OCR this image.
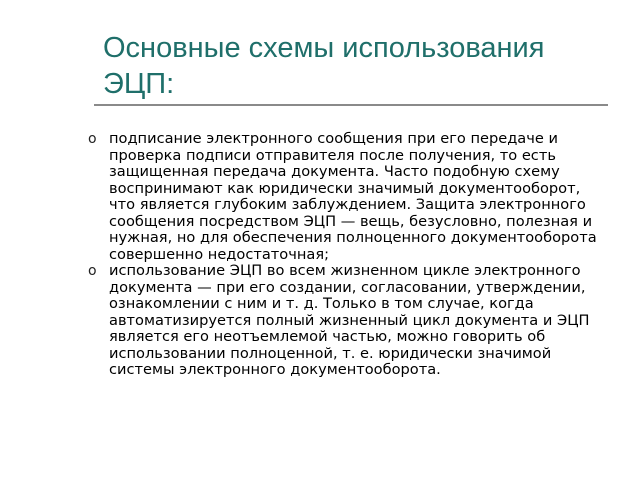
Основные схемы использования ЭЦП:
o подписание электронного сообщения при его передаче и проверка подписи отправителя после получения, то есть защищенная передача документа. Часто подобную схему воспринимают как юридически значимый документооборот, что является глубоким заблуждением. Защита электронного сообщения посредством ЭЦП — вещь, безусловно, полезная и нужная, но для обеспечения полноценного документооборота совершенно недостаточная;
o использование ЭЦП во всем жизненном цикле электронного документа — при его создании, согласовании, утверждении, ознакомлении с ним и т. д. Только в том случае, когда автоматизируется полный жизненный цикл документа и ЭЦП является его неотъемлемой частью, можно говорить об использовании полноценной, т. е. юридически значимой системы электронного документооборота.
